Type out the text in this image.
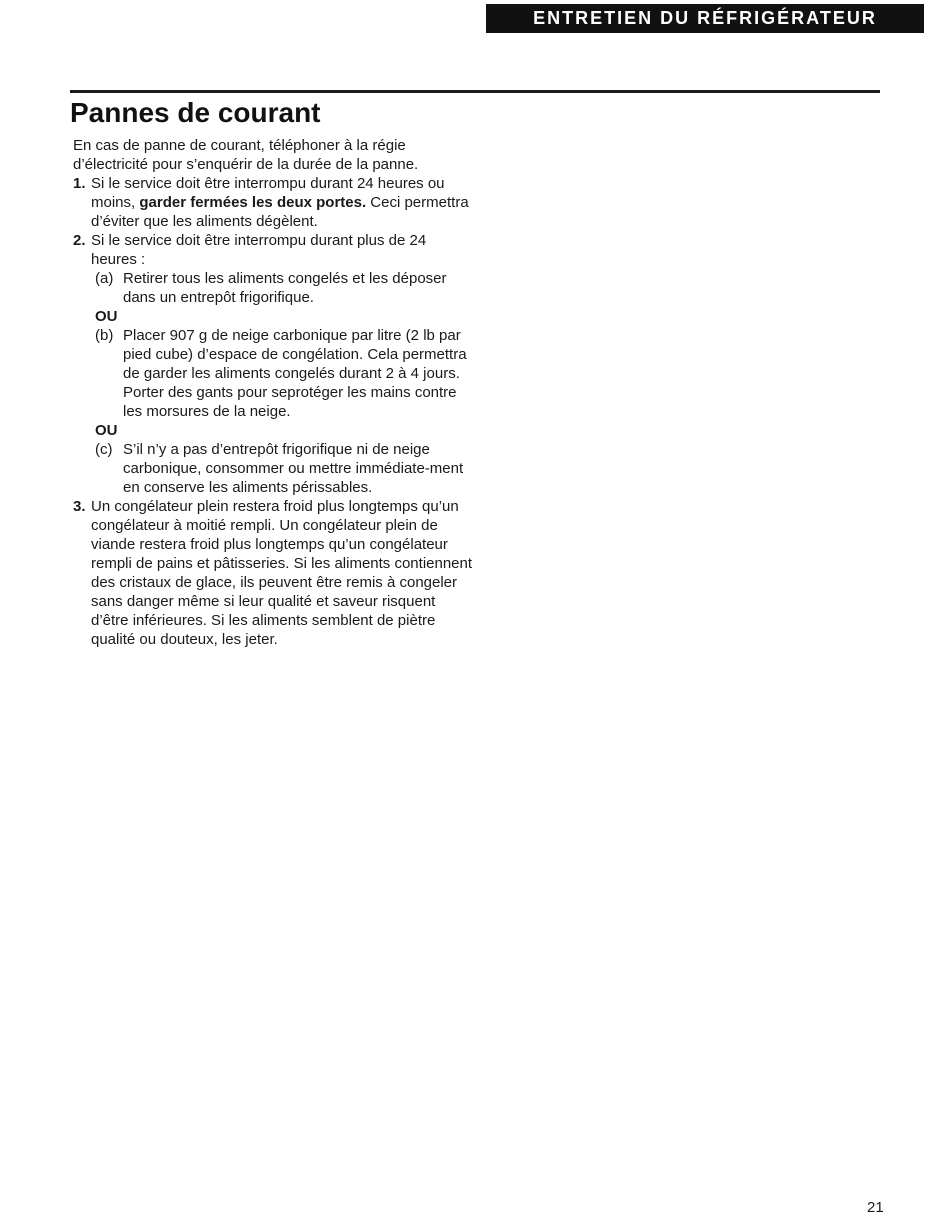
ENTRETIEN DU RÉFRIGÉRATEUR
Pannes de courant

En cas de panne de courant, téléphoner à la régie d’électricité pour s’enquérir de la durée de la panne.

1. Si le service doit être interrompu durant 24 heures ou moins, garder fermées les deux portes. Ceci permettra d’éviter que les aliments dégèlent.
2. Si le service doit être interrompu durant plus de 24 heures :
(a) Retirer tous les aliments congelés et les déposer dans un entrepôt frigorifique.
OU
(b) Placer 907 g de neige carbonique par litre (2 lb par pied cube) d’espace de congélation. Cela permettra de garder les aliments congelés durant 2 à 4 jours. Porter des gants pour seprotéger les mains contre les morsures de la neige.
OU
(c) S’il n’y a pas d’entrepôt frigorifique ni de neige carbonique, consommer ou mettre immédiate-ment en conserve les aliments périssables.
3. Un congélateur plein restera froid plus longtemps qu’un congélateur à moitié rempli. Un congélateur plein de viande restera froid plus longtemps qu’un congélateur rempli de pains et pâtisseries. Si les aliments contiennent des cristaux de glace, ils peuvent être remis à congeler sans danger même si leur qualité et saveur risquent d’être inférieures. Si les aliments semblent de piètre qualité ou douteux, les jeter.
21
